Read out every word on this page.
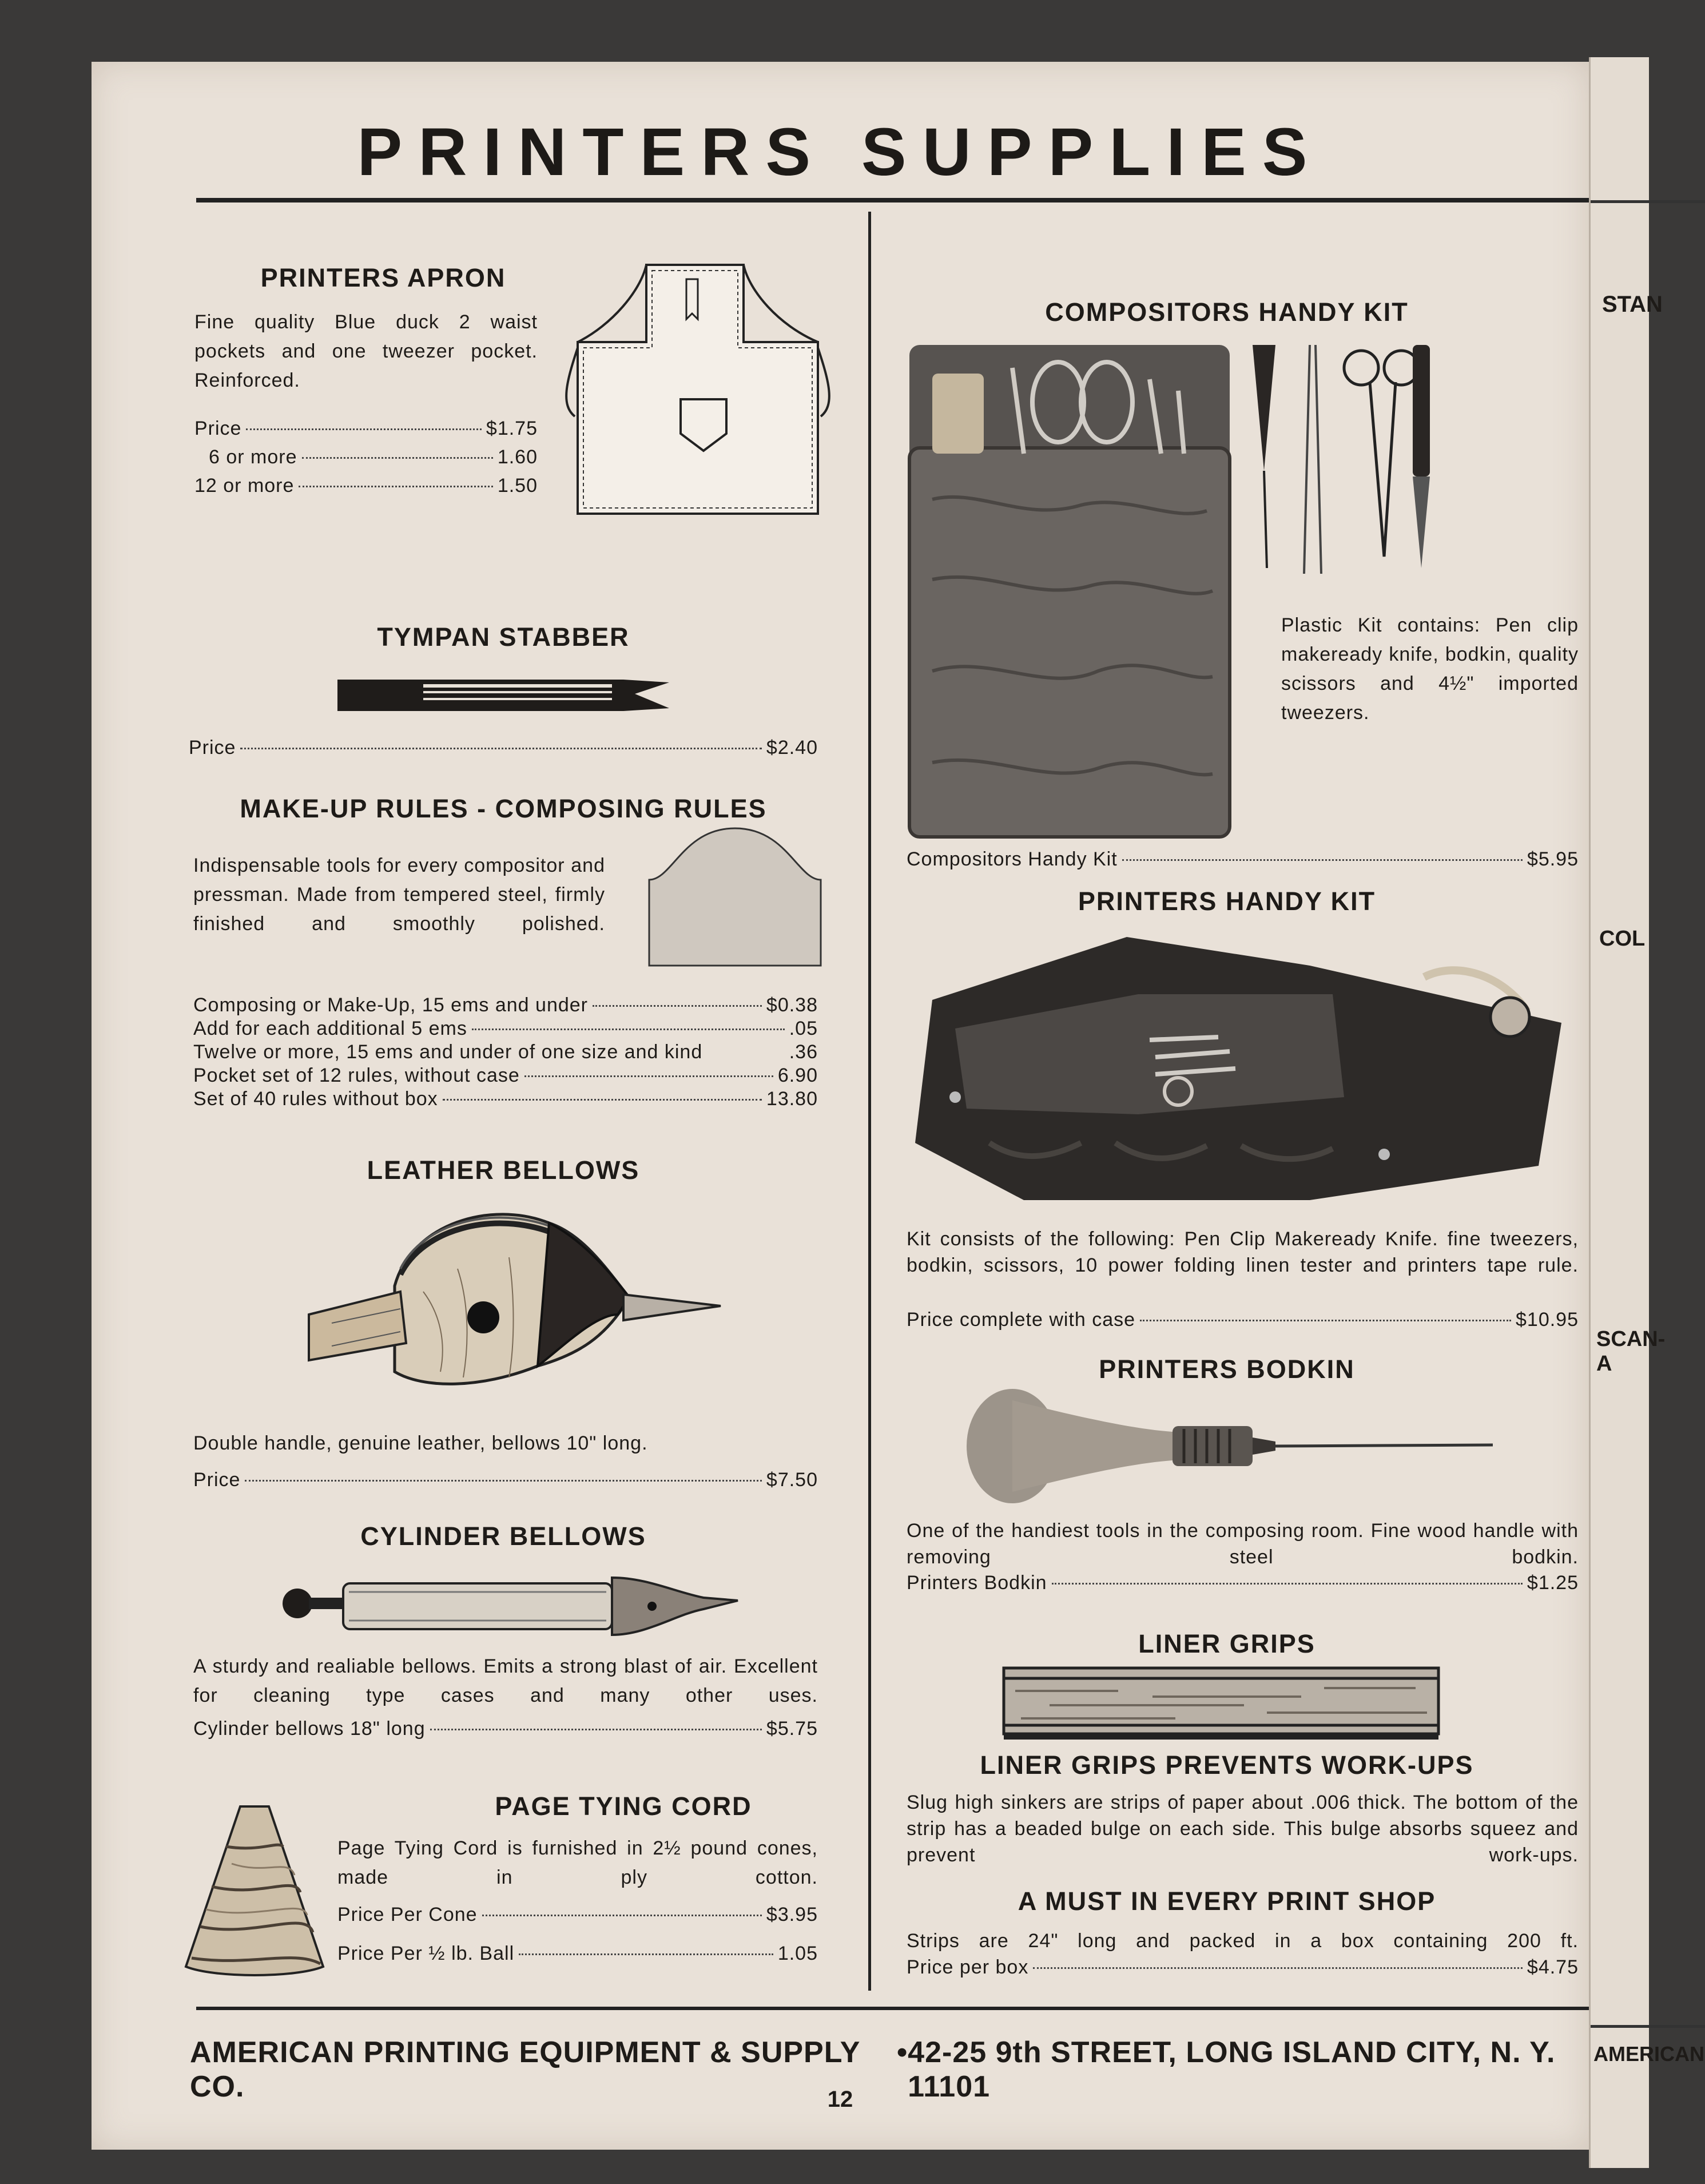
PRINTERS SUPPLIES
PRINTERS APRON
Fine quality Blue duck 2 waist pockets and one tweezer pocket. Reinforced.
Price	$1.75
6 or more	1.60
12 or more	1.50
TYMPAN STABBER
Price	$2.40
MAKE-UP RULES - COMPOSING RULES
Indispensable tools for every compositor and pressman. Made from tempered steel, firmly finished and smoothly polished.
Composing or Make-Up, 15 ems and under	$0.38
Add for each additional 5 ems	.05
Twelve or more, 15 ems and under of one size and kind	.36
Pocket set of 12 rules, without case	6.90
Set of 40 rules without box	13.80
LEATHER BELLOWS
Double handle, genuine leather, bellows 10" long.
Price	$7.50
CYLINDER BELLOWS
A sturdy and realiable bellows. Emits a strong blast of air. Excellent for cleaning type cases and many other uses.
Cylinder bellows 18" long	$5.75
PAGE TYING CORD
Page Tying Cord is furnished in 2½ pound cones, made in ply cotton.
Price Per Cone	$3.95
Price Per ½ lb. Ball	1.05
COMPOSITORS HANDY KIT
Plastic Kit contains: Pen clip makeready knife, bodkin, quality scissors and 4½" imported tweezers.
Compositors Handy Kit	$5.95
PRINTERS HANDY KIT
Kit consists of the following: Pen Clip Makeready Knife. fine tweezers, bodkin, scissors, 10 power folding linen tester and printers tape rule.
Price complete with case	$10.95
PRINTERS BODKIN
One of the handiest tools in the composing room. Fine wood handle with removing steel bodkin.
Printers Bodkin	$1.25
LINER GRIPS
LINER GRIPS PREVENTS WORK-UPS
Slug high sinkers are strips of paper about .006 thick. The bottom of the strip has a beaded bulge on each side. This bulge absorbs squeez and prevent work-ups.
A MUST IN EVERY PRINT SHOP
Strips are 24" long and packed in a box containing 200 ft.
Price per box	$4.75
AMERICAN PRINTING EQUIPMENT & SUPPLY CO.
• 42-25 9th STREET, LONG ISLAND CITY, N. Y. 11101
12
STAN
COL
SCAN-A
AMERICAN
